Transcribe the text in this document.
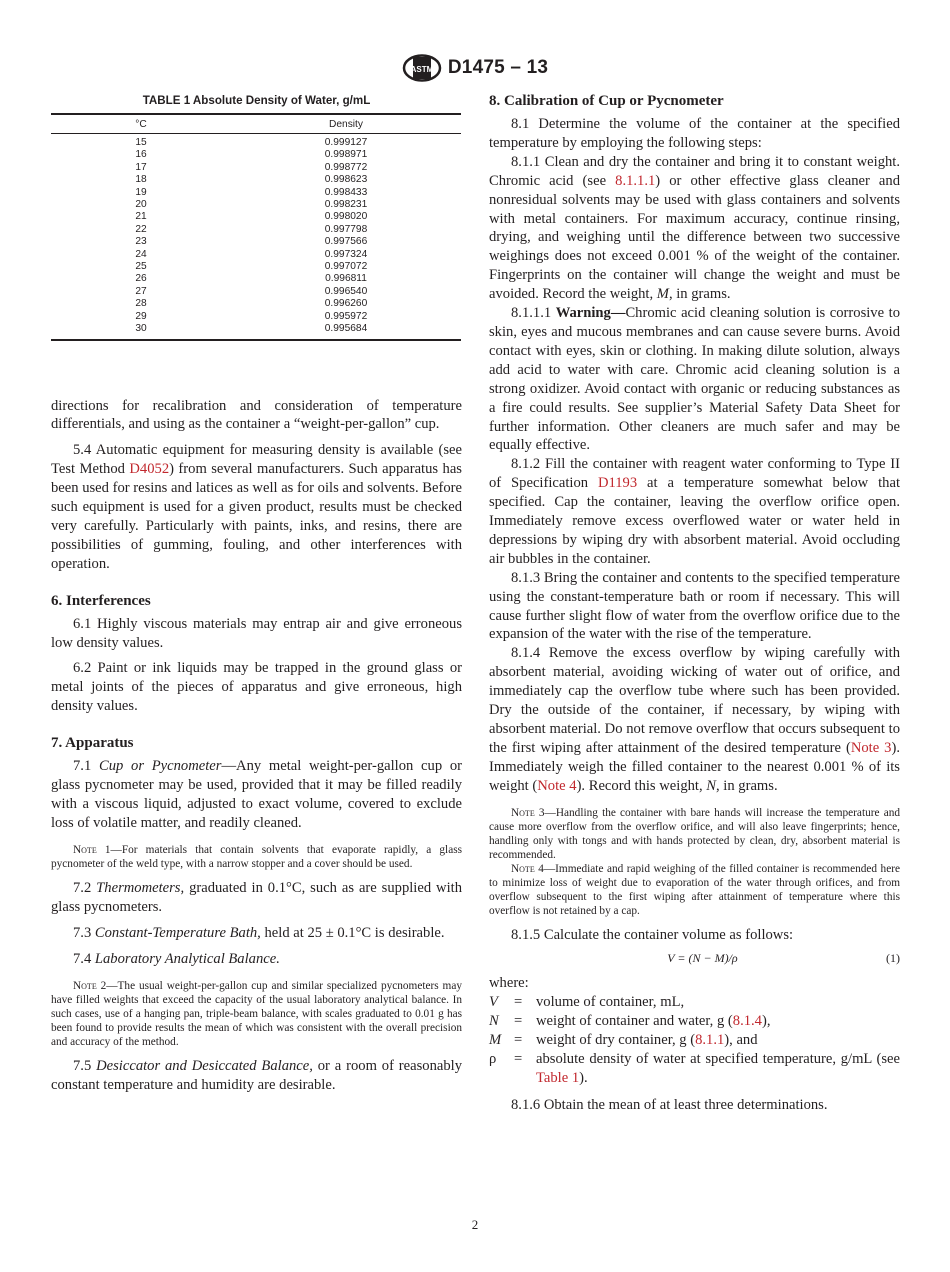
ASTM D1475 – 13
TABLE 1 Absolute Density of Water, g/mL
°C	Density
15	0.999127
16	0.998971
17	0.998772
18	0.998623
19	0.998433
20	0.998231
21	0.998020
22	0.997798
23	0.997566
24	0.997324
25	0.997072
26	0.996811
27	0.996540
28	0.996260
29	0.995972
30	0.995684

directions for recalibration and consideration of temperature differentials, and using as the container a “weight-per-gallon” cup.

5.4 Automatic equipment for measuring density is available (see Test Method D4052) from several manufacturers. Such apparatus has been used for resins and latices as well as for oils and solvents. Before such equipment is used for a given product, results must be checked very carefully. Particularly with paints, inks, and resins, there are possibilities of gumming, fouling, and other interferences with operation.

6. Interferences

6.1 Highly viscous materials may entrap air and give erroneous low density values.

6.2 Paint or ink liquids may be trapped in the ground glass or metal joints of the pieces of apparatus and give erroneous, high density values.

7. Apparatus

7.1 Cup or Pycnometer—Any metal weight-per-gallon cup or glass pycnometer may be used, provided that it may be filled readily with a viscous liquid, adjusted to exact volume, covered to exclude loss of volatile matter, and readily cleaned.

Note 1—For materials that contain solvents that evaporate rapidly, a glass pycnometer of the weld type, with a narrow stopper and a cover should be used.

7.2 Thermometers, graduated in 0.1°C, such as are supplied with glass pycnometers.

7.3 Constant-Temperature Bath, held at 25 ± 0.1°C is desirable.

7.4 Laboratory Analytical Balance.

Note 2—The usual weight-per-gallon cup and similar specialized pycnometers may have filled weights that exceed the capacity of the usual laboratory analytical balance. In such cases, use of a hanging pan, triple-beam balance, with scales graduated to 0.01 g has been found to provide results the mean of which was consistent with the overall precision and accuracy of the method.

7.5 Desiccator and Desiccated Balance, or a room of reasonably constant temperature and humidity are desirable.

8. Calibration of Cup or Pycnometer

8.1 Determine the volume of the container at the specified temperature by employing the following steps:

8.1.1 Clean and dry the container and bring it to constant weight. Chromic acid (see 8.1.1.1) or other effective glass cleaner and nonresidual solvents may be used with glass containers and solvents with metal containers. For maximum accuracy, continue rinsing, drying, and weighing until the difference between two successive weighings does not exceed 0.001 % of the weight of the container. Fingerprints on the container will change the weight and must be avoided. Record the weight, M, in grams.

8.1.1.1 Warning—Chromic acid cleaning solution is corrosive to skin, eyes and mucous membranes and can cause severe burns. Avoid contact with eyes, skin or clothing. In making dilute solution, always add acid to water with care. Chromic acid cleaning solution is a strong oxidizer. Avoid contact with organic or reducing substances as a fire could results. See supplier’s Material Safety Data Sheet for further information. Other cleaners are much safer and may be equally effective.

8.1.2 Fill the container with reagent water conforming to Type II of Specification D1193 at a temperature somewhat below that specified. Cap the container, leaving the overflow orifice open. Immediately remove excess overflowed water or water held in depressions by wiping dry with absorbent material. Avoid occluding air bubbles in the container.

8.1.3 Bring the container and contents to the specified temperature using the constant-temperature bath or room if necessary. This will cause further slight flow of water from the overflow orifice due to the expansion of the water with the rise of the temperature.

8.1.4 Remove the excess overflow by wiping carefully with absorbent material, avoiding wicking of water out of orifice, and immediately cap the overflow tube where such has been provided. Dry the outside of the container, if necessary, by wiping with absorbent material. Do not remove overflow that occurs subsequent to the first wiping after attainment of the desired temperature (Note 3). Immediately weigh the filled container to the nearest 0.001 % of its weight (Note 4). Record this weight, N, in grams.

Note 3—Handling the container with bare hands will increase the temperature and cause more overflow from the overflow orifice, and will also leave fingerprints; hence, handling only with tongs and with hands protected by clean, dry, absorbent material is recommended.

Note 4—Immediate and rapid weighing of the filled container is recommended here to minimize loss of weight due to evaporation of the water through orifices, and from overflow subsequent to the first wiping after attainment of temperature where this overflow is not retained by a cap.

8.1.5 Calculate the container volume as follows:

V = (N − M)/ρ	(1)

where:

V	= volume of container, mL,
N	= weight of container and water, g (8.1.4),
M = weight of dry container, g (8.1.1), and
ρ	= absolute density of water at specified temperature, g/mL (see Table 1).

8.1.6 Obtain the mean of at least three determinations.

2
